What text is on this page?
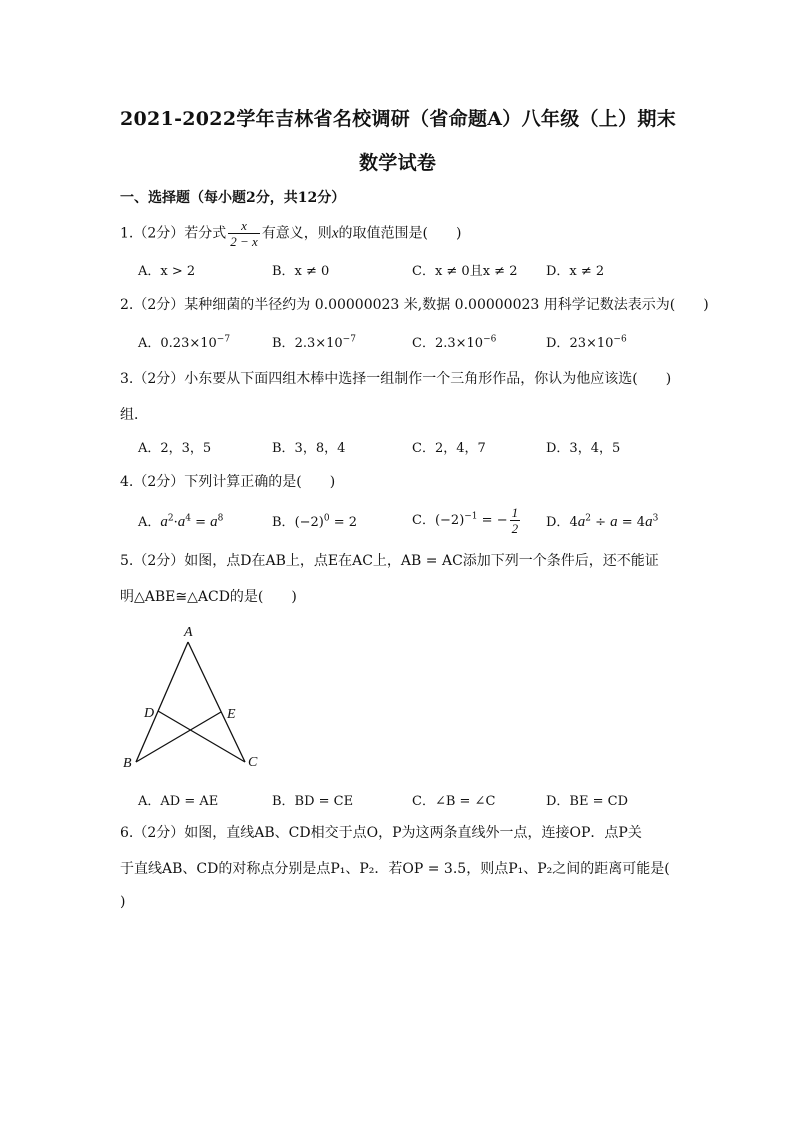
2021-2022学年吉林省名校调研（省命题A）八年级（上）期末
数学试卷
一、选择题（每小题2分，共12分）
1.（2分）若分式 $\frac{x}{2 - x}$ 有意义，则x的取值范围是(　　)
A．x > 2	B．x ≠ 0	C．x ≠ 0且x ≠ 2 D．x ≠ 2
2.（2分）某种细菌的半径约为 0.00000023 米,数据 0.00000023 用科学记数法表示为(　　)
A．$0.23\times 10^{-7}$	B．$2.3\times 10^{-7}$	C．$2.3\times 10^{-6}$	D．$23\times 10^{-6}$
3.（2分）小东要从下面四组木棒中选择一组制作一个三角形作品，你认为他应该选(　　)
组．
A．2，3，5	B．3，8，4	C．2，4，7	D．3，4，5
4.（2分）下列计算正确的是(　　)
A．$a^2\cdot a^4 = a^8$	B．$(-2)^0 = 2$	C．$(-2)^{-1}$ = − $\frac{1}{2}$ D．$4a^2 \div a = 4a^3$
5.（2分）如图，点D在AB上，点E在AC上，AB = AC添加下列一个条件后，还不能证
明△ABE≅△ACD的是(　　)
A
D	E
B	C
A．AD = AE	B．BD = CE	C．∠B = ∠C	D．BE = CD
6.（2分）如图，直线AB、CD相交于点O，P为这两条直线外一点，连接OP．点P关
于直线AB、CD的对称点分别是点P₁、P₂．若OP = 3.5，则点P₁、P₂之间的距离可能是(
)
